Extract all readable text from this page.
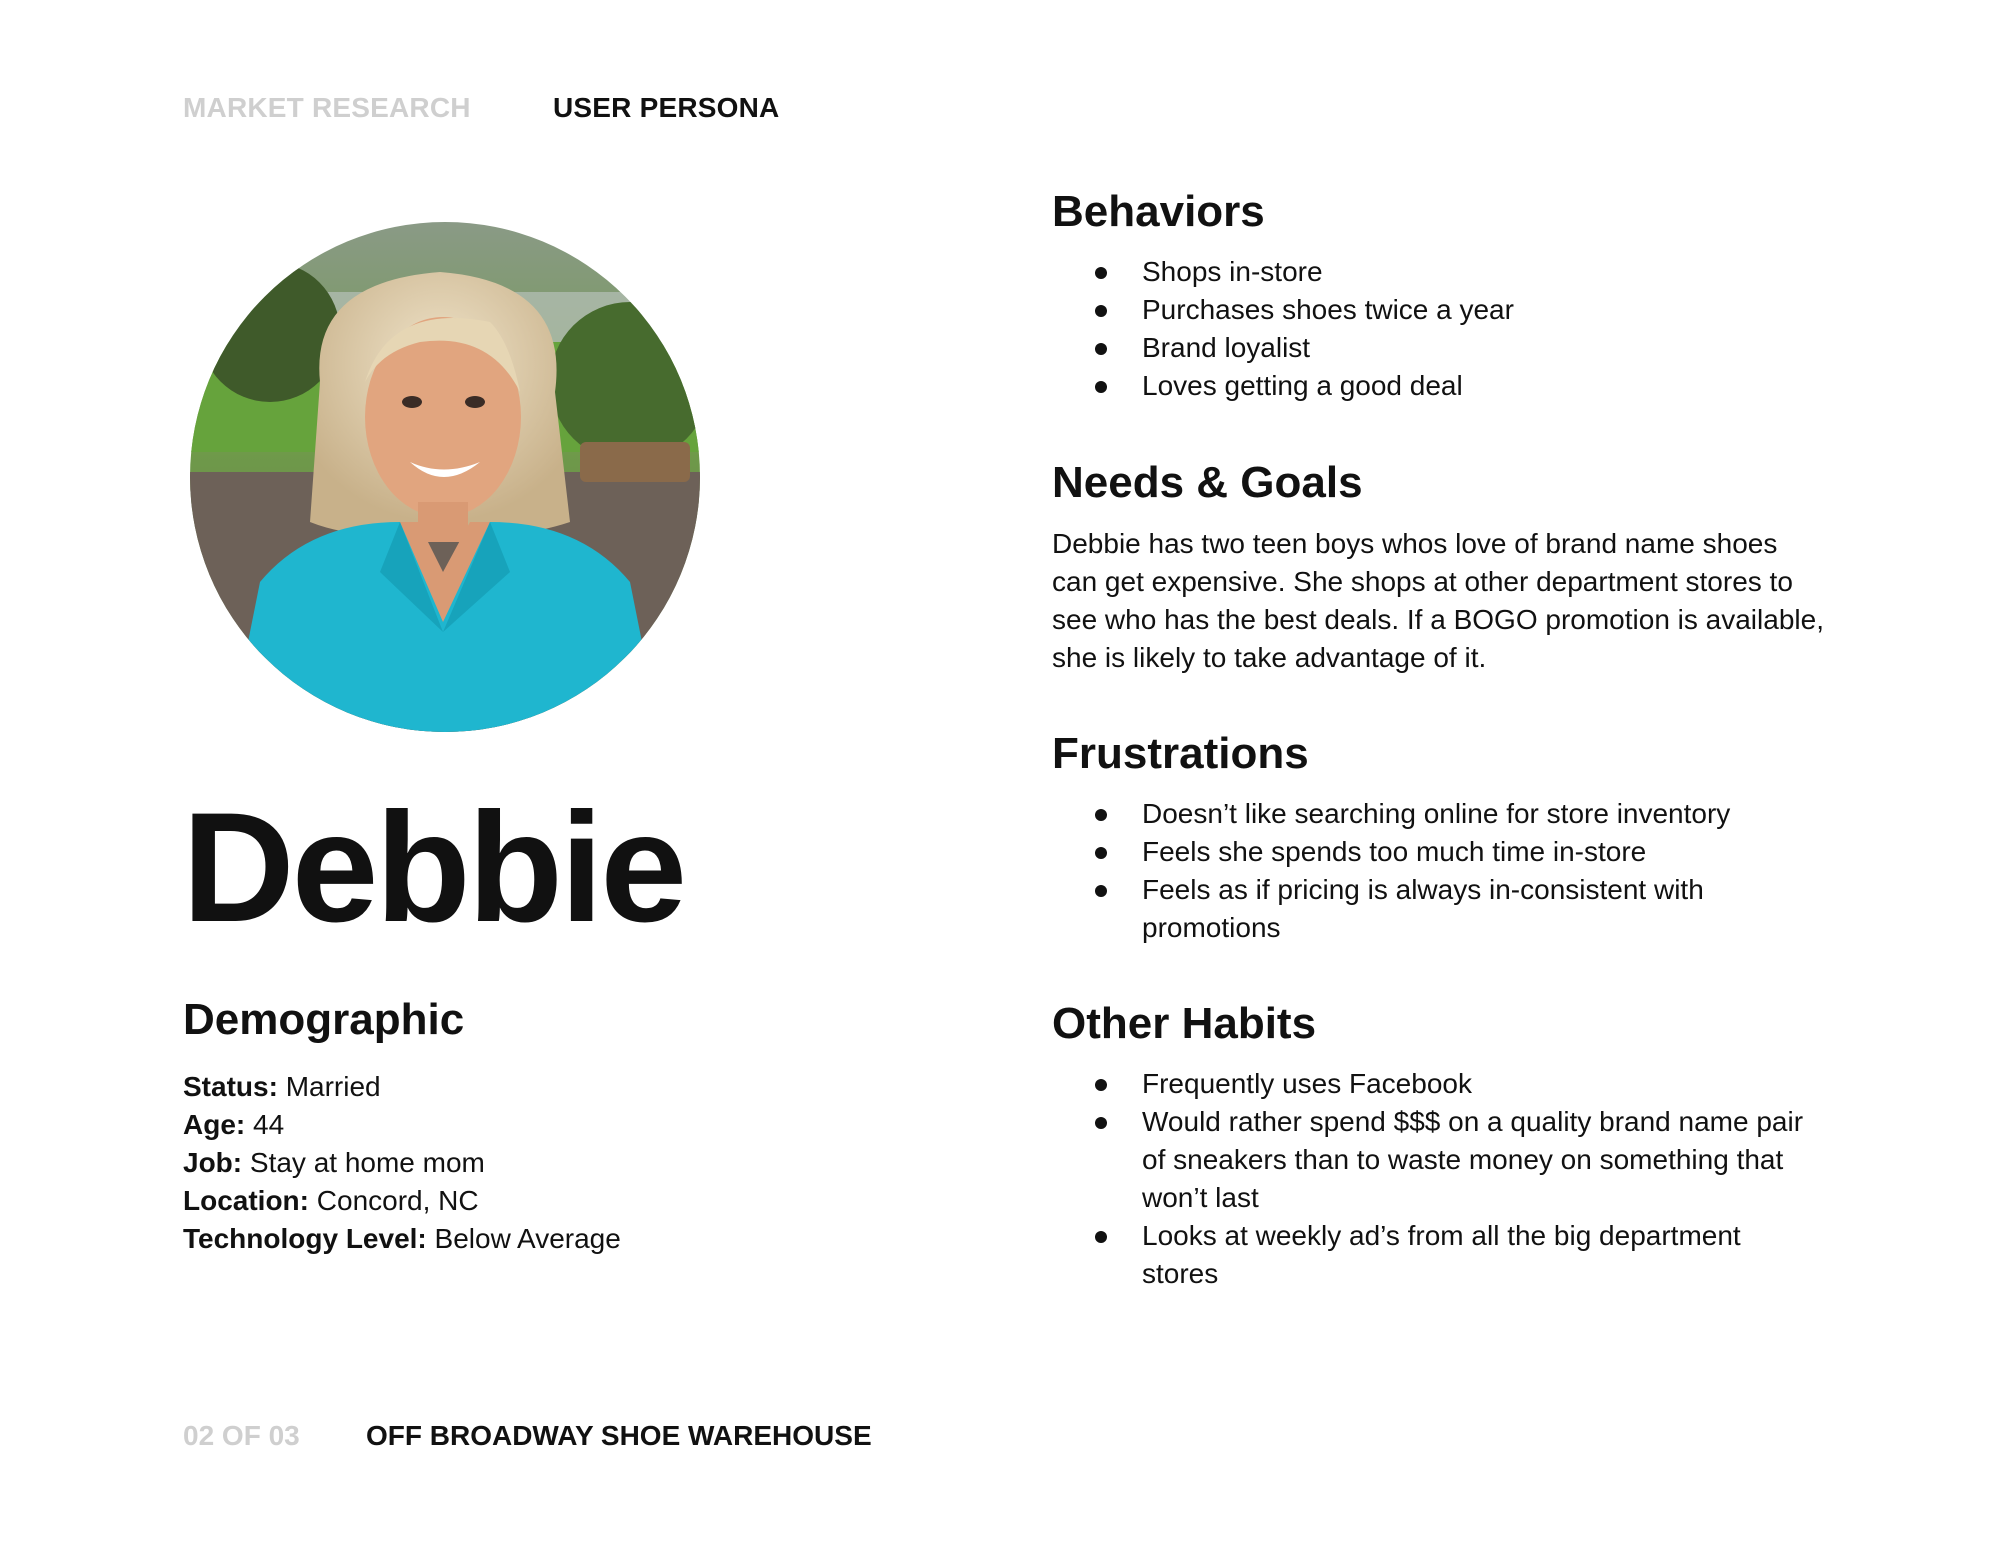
MARKET RESEARCH	USER PERSONA
Debbie
Demographic
Status: Married
Age: 44
Job: Stay at home mom
Location: Concord, NC
Technology Level: Below Average
Behaviors
Shops in-store
Purchases shoes twice a year
Brand loyalist
Loves getting a good deal
Needs & Goals
Debbie has two teen boys whos love of brand name shoes
can get expensive. She shops at other department stores to
see who has the best deals. If a BOGO promotion is available,
she is likely to take advantage of it.
Frustrations
Doesn’t like searching online for store inventory
Feels she spends too much time in-store
Feels as if pricing is always in-consistent with
promotions
Other Habits
Frequently uses Facebook
Would rather spend $$$ on a quality brand name pair
of sneakers than to waste money on something that
won’t last
Looks at weekly ad’s from all the big department
stores
02 OF 03 OFF BROADWAY SHOE WAREHOUSE
